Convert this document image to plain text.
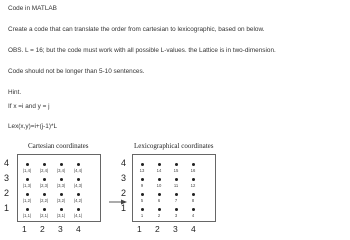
Code in MATLAB
Create a code that can translate the order from cartesian to lexicographic, based on below.
OBS. L = 16; but the code must work with all possible L-values. the Lattice is in two-dimension.
Code should not be longer than 5-10 sentences.
Hint.
If x =i and y = j
Lex(x,y)=i+(j-1)*L
Cartesian coordinates
4
3
2
1
1 2 3 4
(1,4) (2,4) (3,4) (4,4)
(1,3) (2,3) (3,3) (4,3)
(1,2) (2,2) (3,2) (4,2)
(1,1) (2,1) (3,1) (4,1)
Lexicographical coordinates
4
3
2
1
1 2 3 4
13	14	15	16
9	10	11	12
5	6	7	8
1	2	3	4
